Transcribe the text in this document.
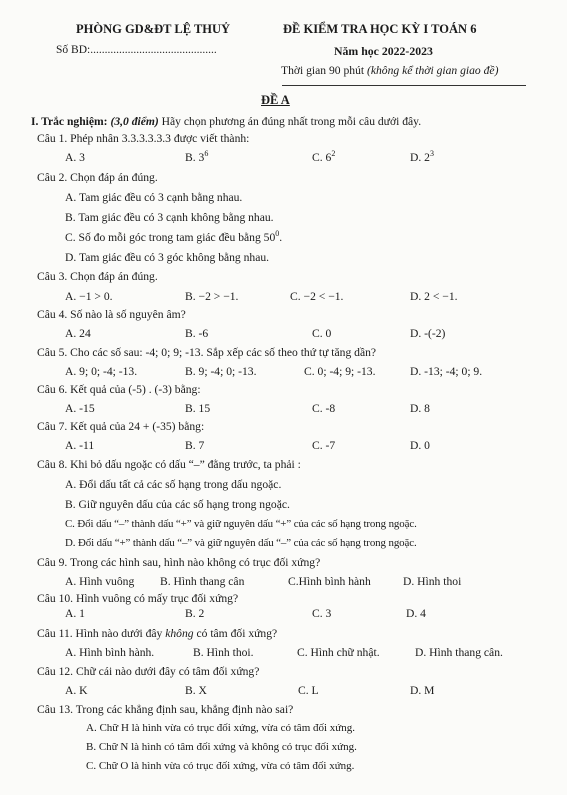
PHÒNG GD&ĐT LỆ THUỶ
Số BD:............................................
ĐỀ KIỂM TRA HỌC KỲ I TOÁN 6
Năm học 2022-2023
Thời gian 90 phút (không kể thời gian giao đề)
ĐỀ A
I. Trắc nghiệm: (3,0 điểm) Hãy chọn phương án đúng nhất trong mỗi câu dưới đây.
Câu 1. Phép nhân 3.3.3.3.3.3 được viết thành:
A. 3	B. $3^6$	C. $6^2$	D. $2^3$
Câu 2. Chọn đáp án đúng.
A. Tam giác đều có 3 cạnh bằng nhau.
B. Tam giác đều có 3 cạnh không bằng nhau.
C. Số đo mỗi góc trong tam giác đều bằng $50^0$.
D. Tam giác đều có 3 góc không bằng nhau.
Câu 3. Chọn đáp án đúng.
A. −1 > 0.	B. −2 > −1.	C. −2 < −1.	D. 2 < −1.
Câu 4. Số nào là số nguyên âm?
A. 24	B. -6	C. 0	D. -(-2)
Câu 5. Cho các số sau: -4; 0; 9; -13. Sắp xếp các số theo thứ tự tăng dần?
A. 9; 0; -4; -13.	B. 9; -4; 0; -13.	C. 0; -4; 9; -13.	D. -13; -4; 0; 9.
Câu 6. Kết quả của (-5) . (-3) bằng:
A. -15	B. 15	C. -8	D. 8
Câu 7. Kết quả của 24 + (-35) bằng:
A. -11	B. 7	C. -7	D. 0
Câu 8. Khi bỏ dấu ngoặc có dấu “–” đằng trước, ta phải :
A. Đổi dấu tất cả các số hạng trong dấu ngoặc.
B. Giữ nguyên dấu của các số hạng trong ngoặc.
C. Đổi dấu “–” thành dấu “+” và giữ nguyên dấu “+” của các số hạng trong ngoặc.
D. Đổi dấu “+” thành dấu “–” và giữ nguyên dấu “–” của các số hạng trong ngoặc.
Câu 9. Trong các hình sau, hình nào không có trục đối xứng?
A. Hình vuông B. Hình thang cân	C.Hình bình hành	D. Hình thoi
Câu 10. Hình vuông có mấy trục đối xứng?
A. 1	B. 2	C. 3	D. 4
Câu 11. Hình nào dưới đây không có tâm đối xứng?
A. Hình bình hành.	B. Hình thoi.	C. Hình chữ nhật.	D. Hình thang cân.
Câu 12. Chữ cái nào dưới đây có tâm đối xứng?
A. K	B. X	C. L	D. M
Câu 13. Trong các khẳng định sau, khẳng định nào sai?
A. Chữ H là hình vừa có trục đối xứng, vừa có tâm đối xứng.
B. Chữ N là hình có tâm đối xứng và không có trục đối xứng.
C. Chữ O là hình vừa có trục đối xứng, vừa có tâm đối xứng.
